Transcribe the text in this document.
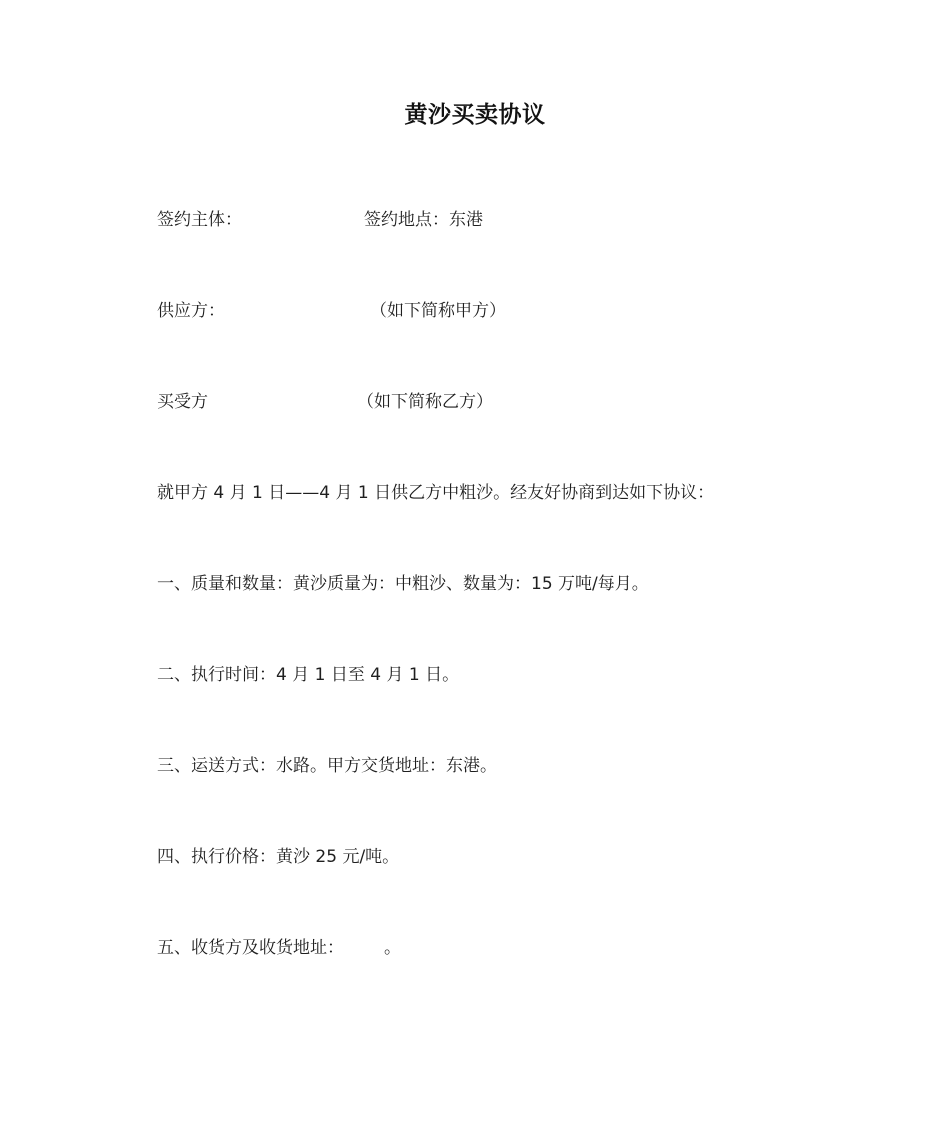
黄沙买卖协议
签约主体：	签约地点：东港
供应方：	（如下简称甲方）
买受方	（如下简称乙方）
就甲方 4 月 1 日——4 月 1 日供乙方中粗沙。经友好协商到达如下协议：
一、质量和数量：黄沙质量为：中粗沙、数量为：15 万吨/每月。
二、执行时间：4 月 1 日至 4 月 1 日。
三、运送方式：水路。甲方交货地址：东港。
四、执行价格：黄沙 25 元/吨。
五、收货方及收货地址： 。
